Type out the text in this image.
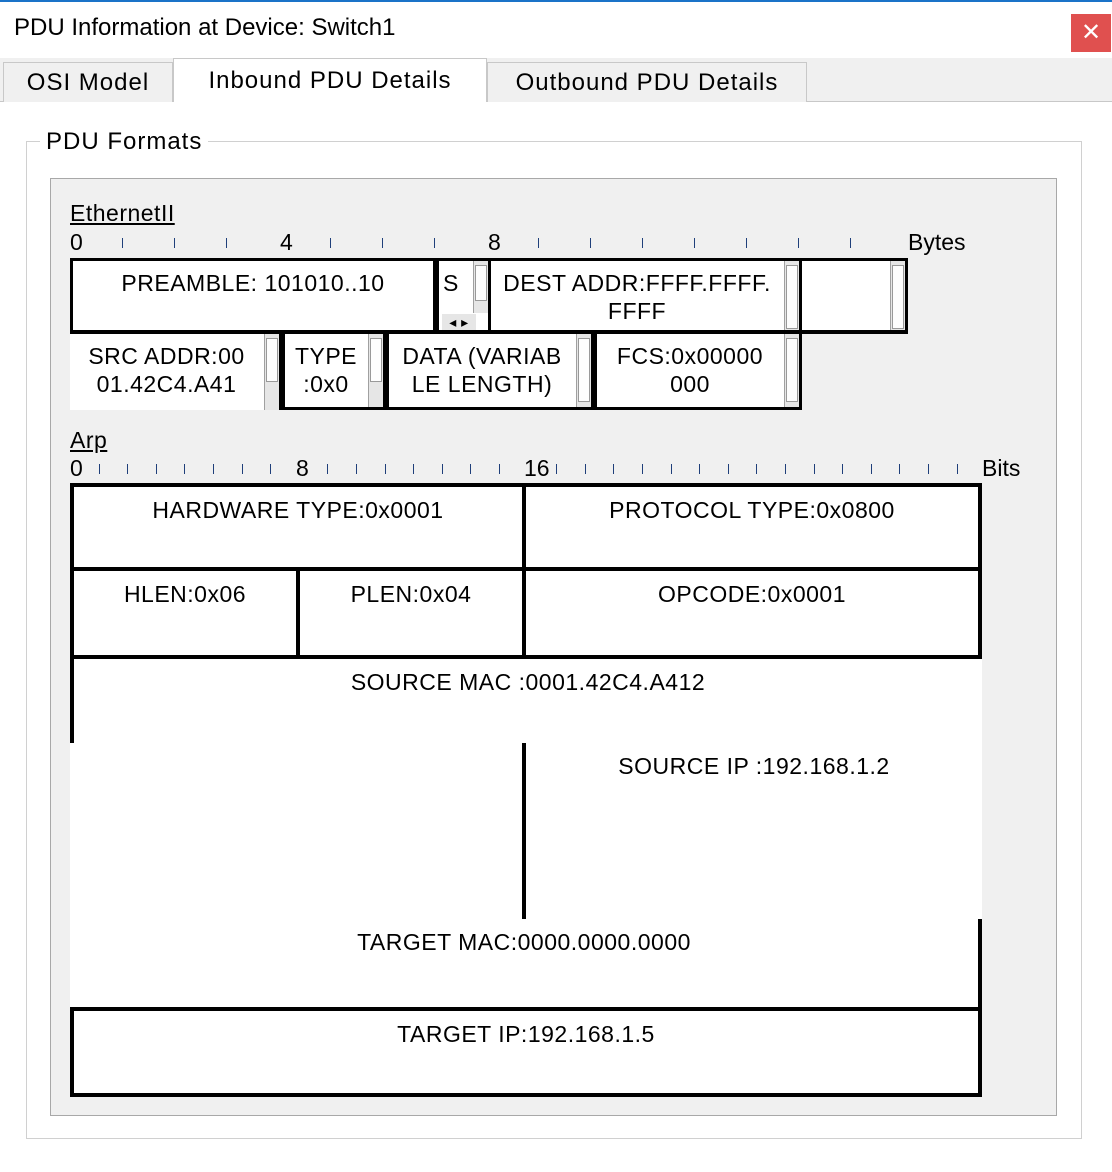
PDU Information at Device: Switch1	✕
OSI Model	Inbound PDU Details	Outbound PDU Details
PDU Formats
EthernetII
0	4	8	Bytes
PREAMBLE: 101010..10	S
◂ ▸
DEST ADDR:FFFF.FFFF.
FFFF
SRC ADDR:00
01.42C4.A41
TYPE
:0x0
DATA (VARIAB
LE LENGTH)
FCS:0x00000
000
Arp
0	8	16	Bits
HARDWARE TYPE:0x0001	PROTOCOL TYPE:0x0800
HLEN:0x06	PLEN:0x04	OPCODE:0x0001
SOURCE MAC :0001.42C4.A412
SOURCE IP :192.168.1.2
TARGET MAC:0000.0000.0000
TARGET IP:192.168.1.5
